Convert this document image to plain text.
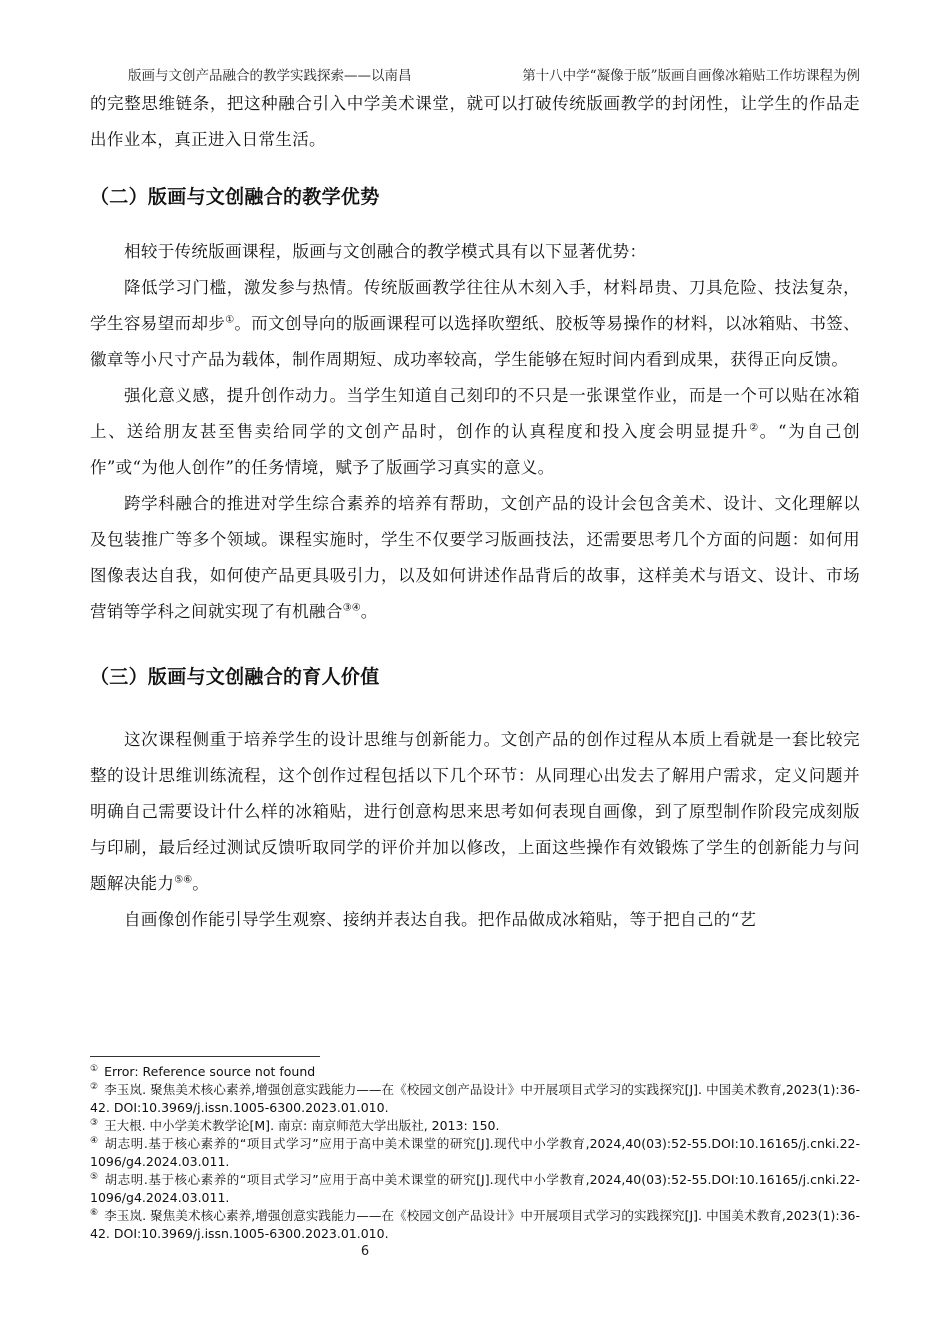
版画与文创产品融合的教学实践探索——以南昌	第十八中学“凝像于版”版画自画像冰箱贴工作坊课程为例

的完整思维链条，把这种融合引入中学美术课堂，就可以打破传统版画教学的封闭性，让学生的作品走出作业本，真正进入日常生活。

（二）版画与文创融合的教学优势

相较于传统版画课程，版画与文创融合的教学模式具有以下显著优势：

降低学习门槛，激发参与热情。传统版画教学往往从木刻入手，材料昂贵、刀具危险、技法复杂，学生容易望而却步①。而文创导向的版画课程可以选择吹塑纸、胶板等易操作的材料，以冰箱贴、书签、徽章等小尺寸产品为载体，制作周期短、成功率较高，学生能够在短时间内看到成果，获得正向反馈。

强化意义感，提升创作动力。当学生知道自己刻印的不只是一张课堂作业，而是一个可以贴在冰箱上、送给朋友甚至售卖给同学的文创产品时，创作的认真程度和投入度会明显提升②。“为自己创作”或“为他人创作”的任务情境，赋予了版画学习真实的意义。

跨学科融合的推进对学生综合素养的培养有帮助，文创产品的设计会包含美术、设计、文化理解以及包装推广等多个领域。课程实施时，学生不仅要学习版画技法，还需要思考几个方面的问题：如何用图像表达自我，如何使产品更具吸引力，以及如何讲述作品背后的故事，这样美术与语文、设计、市场营销等学科之间就实现了有机融合③④。

（三）版画与文创融合的育人价值

这次课程侧重于培养学生的设计思维与创新能力。文创产品的创作过程从本质上看就是一套比较完整的设计思维训练流程，这个创作过程包括以下几个环节：从同理心出发去了解用户需求，定义问题并明确自己需要设计什么样的冰箱贴，进行创意构思来思考如何表现自画像，到了原型制作阶段完成刻版与印刷，最后经过测试反馈听取同学的评价并加以修改，上面这些操作有效锻炼了学生的创新能力与问题解决能力⑤⑥。

自画像创作能引导学生观察、接纳并表达自我。把作品做成冰箱贴，等于把自己的“艺

① Error: Reference source not found

② 李玉岚. 聚焦美术核心素养,增强创意实践能力——在《校园文创产品设计》中开展项目式学习的实践探究[J]. 中国美术教育,2023(1):36-42. DOI:10.3969/j.issn.1005-6300.2023.01.010.

③ 王大根. 中小学美术教学论[M]. 南京: 南京师范大学出版社, 2013: 150.

④ 胡志明.基于核心素养的“项目式学习”应用于高中美术课堂的研究[J].现代中小学教育,2024,40(03):52-55.DOI:10.16165/j.cnki.22-1096/g4.2024.03.011.

⑤ 胡志明.基于核心素养的“项目式学习”应用于高中美术课堂的研究[J].现代中小学教育,2024,40(03):52-55.DOI:10.16165/j.cnki.22-1096/g4.2024.03.011.

⑥ 李玉岚. 聚焦美术核心素养,增强创意实践能力——在《校园文创产品设计》中开展项目式学习的实践探究[J]. 中国美术教育,2023(1):36-42. DOI:10.3969/j.issn.1005-6300.2023.01.010.

6
